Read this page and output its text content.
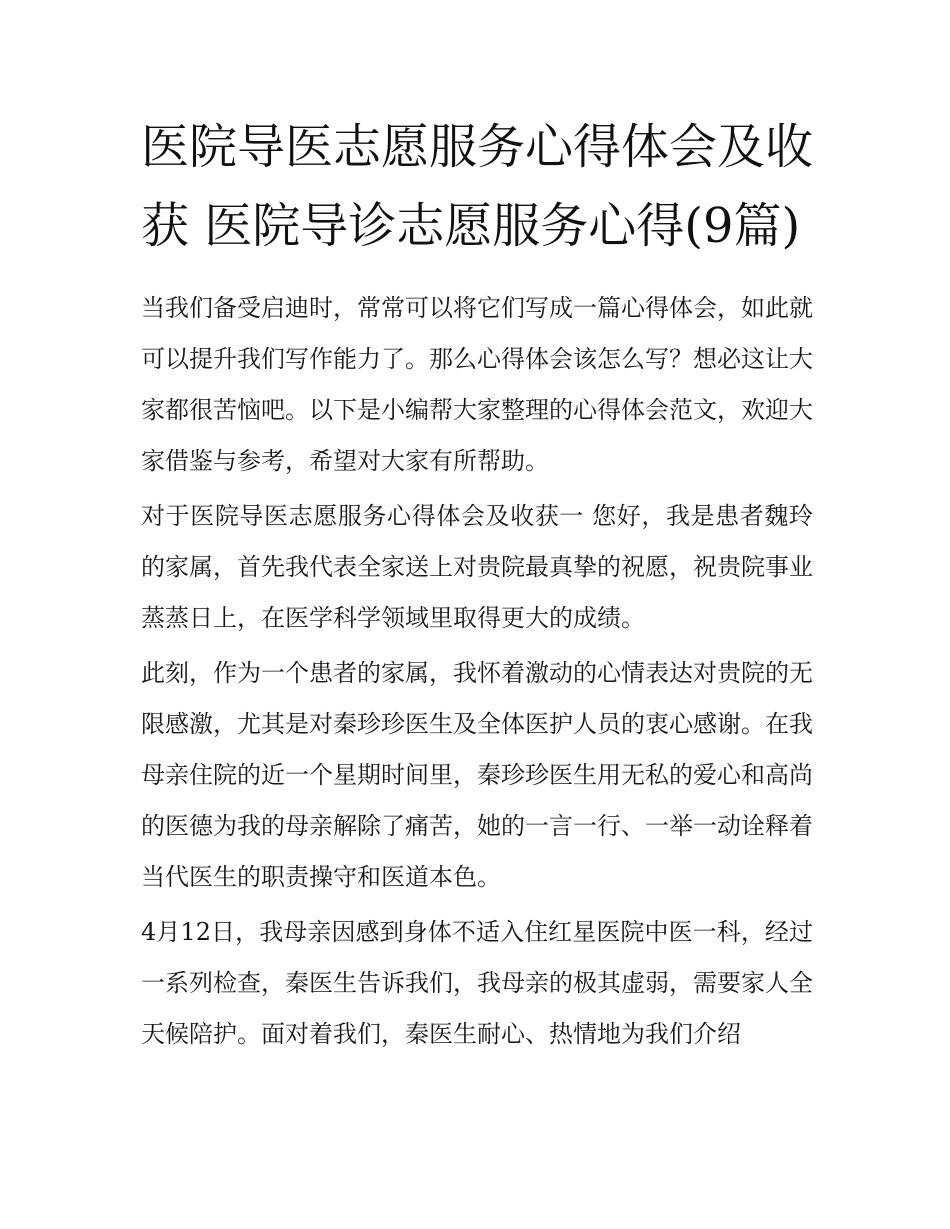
医院导医志愿服务心得体会及收获 医院导诊志愿服务心得(9篇)

当我们备受启迪时，常常可以将它们写成一篇心得体会，如此就可以提升我们写作能力了。那么心得体会该怎么写？想必这让大家都很苦恼吧。以下是小编帮大家整理的心得体会范文，欢迎大家借鉴与参考，希望对大家有所帮助。

对于医院导医志愿服务心得体会及收获一 您好，我是患者魏玲的家属，首先我代表全家送上对贵院最真挚的祝愿，祝贵院事业蒸蒸日上，在医学科学领域里取得更大的成绩。

此刻，作为一个患者的家属，我怀着激动的心情表达对贵院的无限感激，尤其是对秦珍珍医生及全体医护人员的衷心感谢。在我母亲住院的近一个星期时间里，秦珍珍医生用无私的爱心和高尚的医德为我的母亲解除了痛苦，她的一言一行、一举一动诠释着当代医生的职责操守和医道本色。

4月12日，我母亲因感到身体不适入住红星医院中医一科，经过一系列检查，秦医生告诉我们，我母亲的极其虚弱，需要家人全天候陪护。面对着我们，秦医生耐心、热情地为我们介绍
